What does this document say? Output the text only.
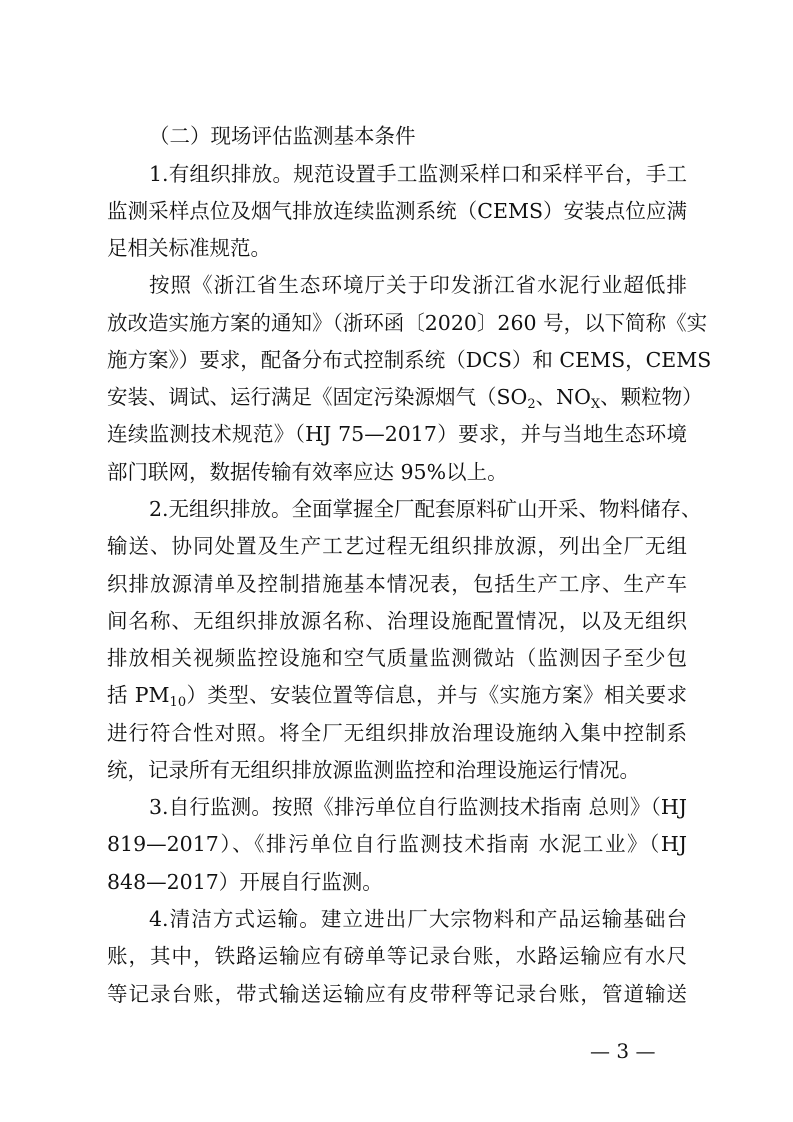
（二）现场评估监测基本条件
1.有组织排放。规范设置手工监测采样口和采样平台，手工
监测采样点位及烟气排放连续监测系统（CEMS）安装点位应满
足相关标准规范。
按照《浙江省生态环境厅关于印发浙江省水泥行业超低排
放改造实施方案的通知》（浙环函〔2020〕260 号，以下简称《实
施方案》）要求，配备分布式控制系统（DCS）和 CEMS，CEMS
安装、调试、运行满足《固定污染源烟气（$SO_2$、$NO_X$、颗粒物）
连续监测技术规范》（HJ 75—2017）要求，并与当地生态环境
部门联网，数据传输有效率应达 95%以上。
2.无组织排放。全面掌握全厂配套原料矿山开采、物料储存、
输送、协同处置及生产工艺过程无组织排放源，列出全厂无组
织排放源清单及控制措施基本情况表，包括生产工序、生产车
间名称、无组织排放源名称、治理设施配置情况，以及无组织
排放相关视频监控设施和空气质量监测微站（监测因子至少包
括 $PM_{10}$）类型、安装位置等信息，并与《实施方案》相关要求
进行符合性对照。将全厂无组织排放治理设施纳入集中控制系
统，记录所有无组织排放源监测监控和治理设施运行情况。
3.自行监测。按照《排污单位自行监测技术指南 总则》（HJ
819—2017）、《排污单位自行监测技术指南 水泥工业》（HJ
848—2017）开展自行监测。
4.清洁方式运输。建立进出厂大宗物料和产品运输基础台
账，其中，铁路运输应有磅单等记录台账，水路运输应有水尺
等记录台账，带式输送运输应有皮带秤等记录台账，管道输送
— 3 —
